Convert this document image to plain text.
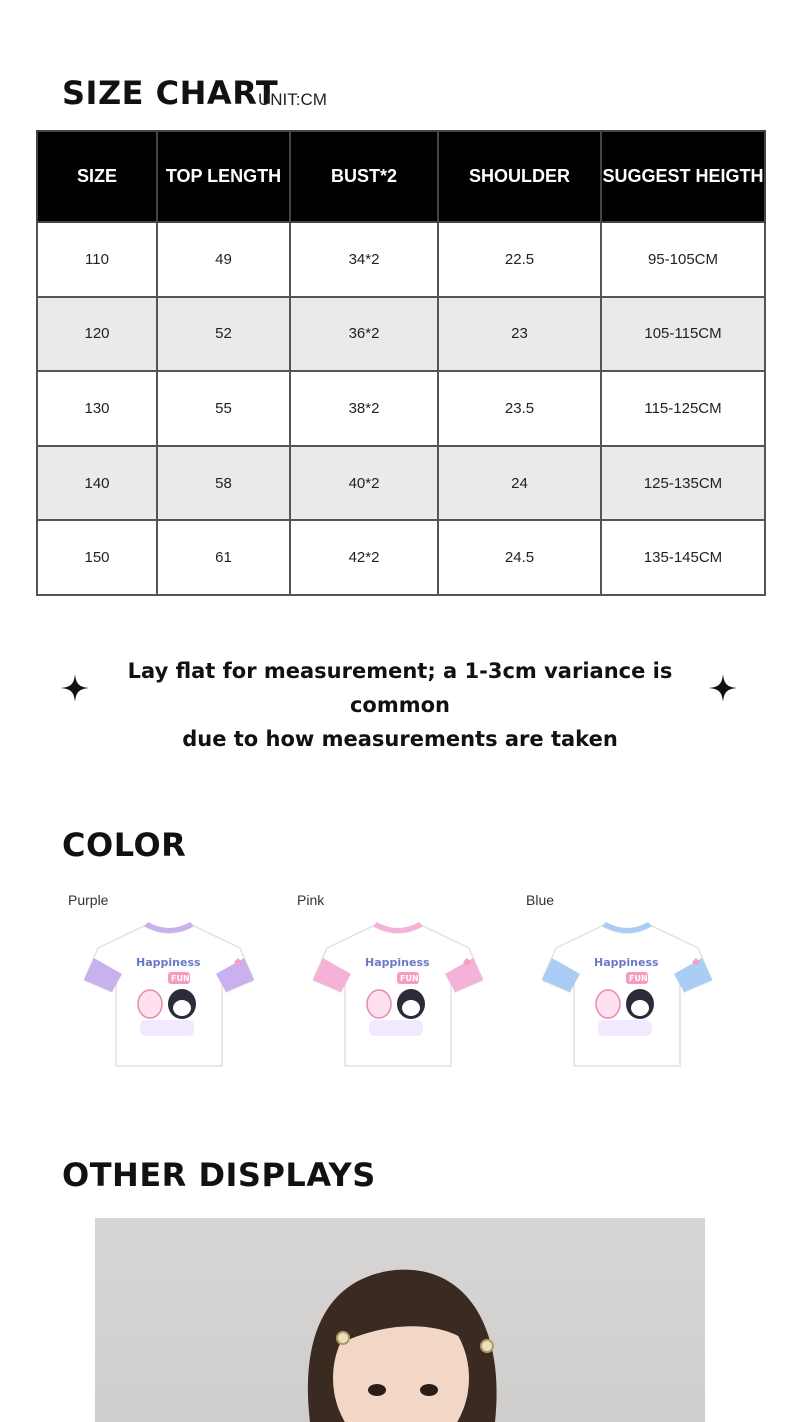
SIZE CHART
UNIT:CM
SIZE	TOP LENGTH	BUST*2	SHOULDER	SUGGEST HEIGTH
110	49	34*2	22.5	95-105CM
120	52	36*2	23	105-115CM
130	55	38*2	23.5	115-125CM
140	58	40*2	24	125-135CM
150	61	42*2	24.5	135-145CM
Lay flat for measurement; a 1-3cm variance is common
due to how measurements are taken
COLOR
Purple
Happiness
FUN
Pink
Happiness
FUN
Blue
Happiness
FUN
OTHER DISPLAYS
